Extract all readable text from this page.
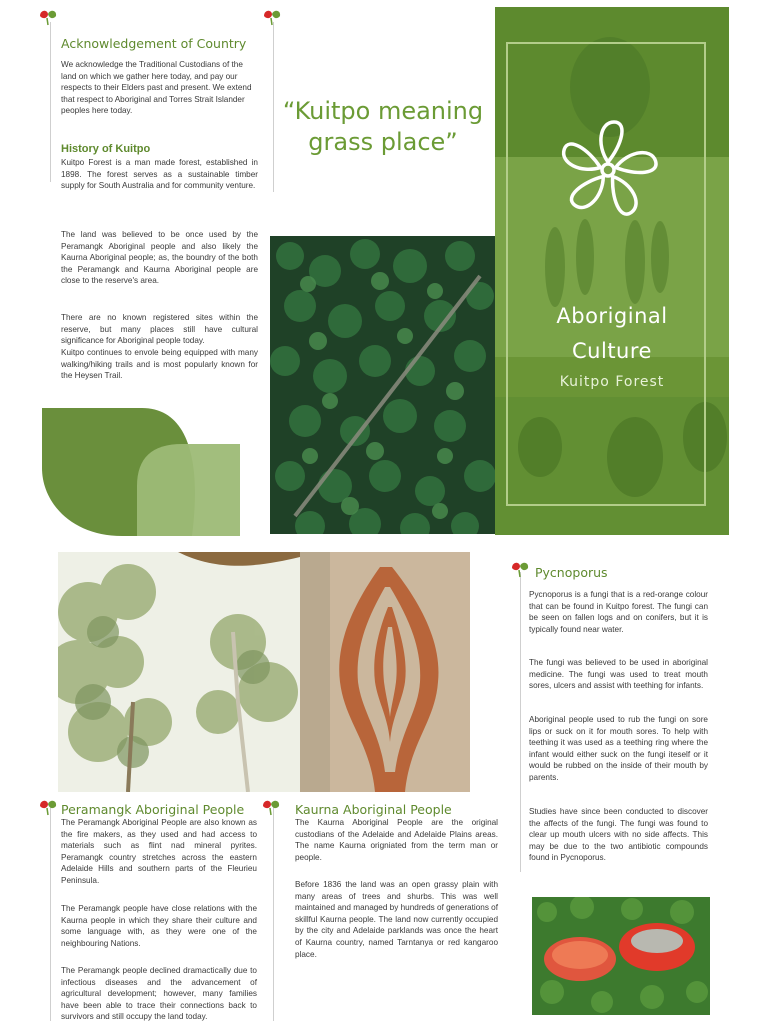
Acknowledgement of Country

We acknowledge the Traditional Custodians of the land on which we gather here today, and pay our respects to their Elders past and present. We extend that respect to Aboriginal and Torres Strait Islander peoples here today.

History of Kuitpo

Kuitpo Forest is a man made forest, established in 1898. The forest serves as a sustainable timber supply for South Australia and for community venture.

The land was believed to be once used by the Peramangk Aboriginal people and also likely the Kaurna Aboriginal people; as, the boundry of the both the Peramangk and Kaurna Aboriginal people are close to the reserve's area.

There are no known registered sites within the reserve, but many places still have cultural significance for Aboriginal people today.

Kuitpo continues to envole being equipped with many walking/hiking trails and is most popularly known for the Heysen Trail.

“Kuitpo meaning
grass place”
Aboriginal
Culture
Kuitpo Forest
Pycnoporus

Pycnoporus is a fungi that is a red-orange colour that can be found in Kuitpo forest. The fungi can be seen on fallen logs and on conifers, but it is typically found near water.

The fungi was believed to be used in aboriginal medicine. The fungi was used to treat mouth sores, ulcers and assist with teething for infants.

Aboriginal people used to rub the fungi on sore lips or suck on it for mouth sores. To help with teething it was used as a teething ring where the infant would either suck on the fungi iteself or it would be rubbed on the inside of their mouth by parents.

Studies have since been conducted to discover the affects of the fungi. The fungi was found to clear up mouth ulcers with no side affects. This may be due to the two antibiotic compounds found in Pycnoporus.

Peramangk Aboriginal People

The Peramangk Aboriginal People are also known as the fire makers, as they used and had access to materials such as flint nad mineral pyrites. Peramangk country stretches across the eastern Adelaide Hills and southern parts of the Fleurieu Peninsula.

The Peramangk people have close relations with the Kaurna people in which they share their culture and some language with, as they were one of the neighbouring Nations.

The Peramangk people declined dramactically due to infectious diseases and the advancement of agricultural development; however, many families have been able to trace their connections back to survivors and still occupy the land today.

Kaurna Aboriginal People

The Kaurna Aboriginal People are the original custodians of the Adelaide and Adelaide Plains areas. The name Kaurna origniated from the term man or people.

Before 1836 the land was an open grassy plain with many areas of trees and shurbs. This was well maintained and managed by hundreds of generations of skillful Kaurna people. The land now currently occupied by the city and Adelaide parklands was once the heart of Kaurna country, named Tarntanya or red kangaroo place.
